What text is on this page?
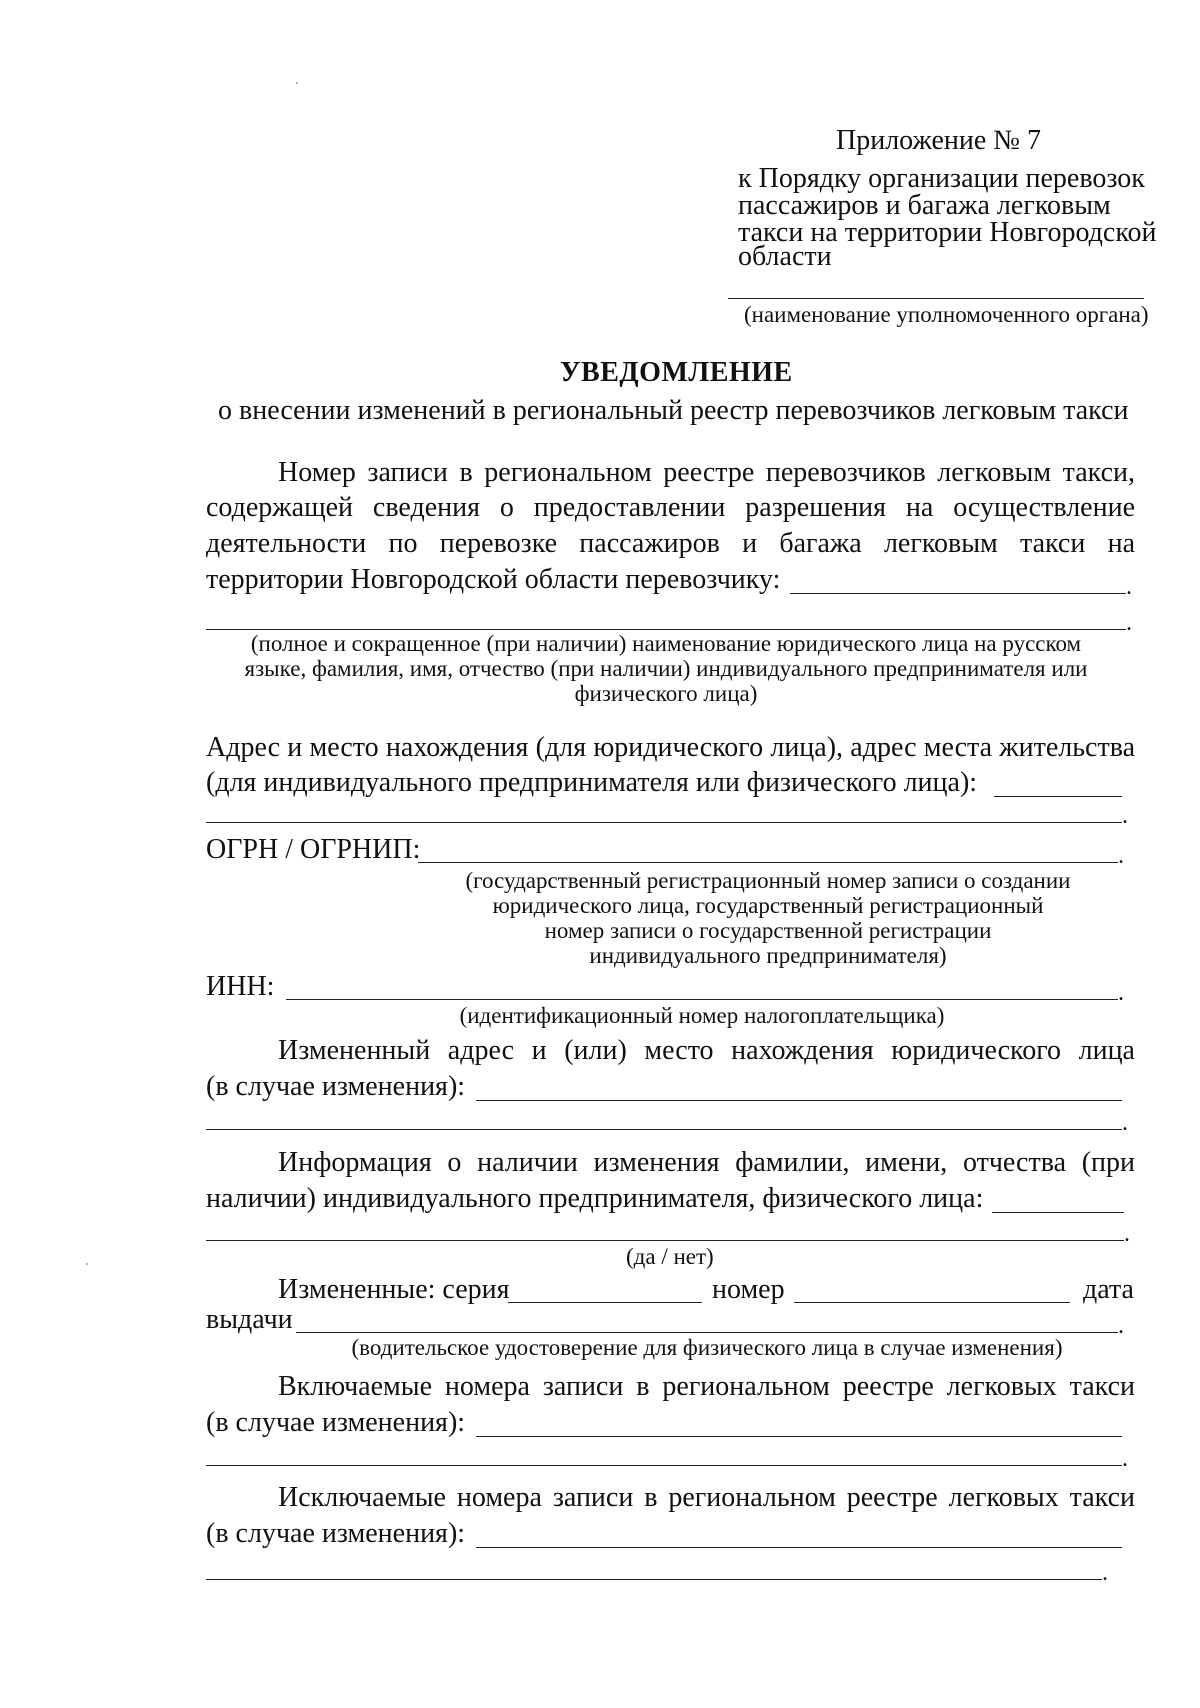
Приложение № 7
к Порядку организации перевозок
пассажиров и багажа легковым
такси на территории Новгородской
области
(наименование уполномоченного органа)
УВЕДОМЛЕНИЕ
о внесении изменений в региональный реестр перевозчиков легковым такси
Номер записи в региональном реестре перевозчиков легковым такси,
содержащей сведения о предоставлении разрешения на осуществление
деятельности по перевозке пассажиров и багажа легковым такси на
территории Новгородской области перевозчику:	.
.
(полное и сокращенное (при наличии) наименование юридического лица на русском
языке, фамилия, имя, отчество (при наличии) индивидуального предпринимателя или
физического лица)
Адрес и место нахождения (для юридического лица), адрес места жительства
(для индивидуального предпринимателя или физического лица):
.
ОГРН / ОГРНИП:	.
(государственный регистрационный номер записи о создании
юридического лица, государственный регистрационный
номер записи о государственной регистрации
индивидуального предпринимателя)
ИНН:	.
(идентификационный номер налогоплательщика)
Измененный адрес и (или) место нахождения юридического лица
(в случае изменения):
.
Информация о наличии изменения фамилии, имени, отчества (при
наличии) индивидуального предпринимателя, физического лица:
.
(да / нет)
Измененные: серия	номер	дата
выдачи	.
(водительское удостоверение для физического лица в случае изменения)
Включаемые номера записи в региональном реестре легковых такси
(в случае изменения):
.
Исключаемые номера записи в региональном реестре легковых такси
(в случае изменения):
.
